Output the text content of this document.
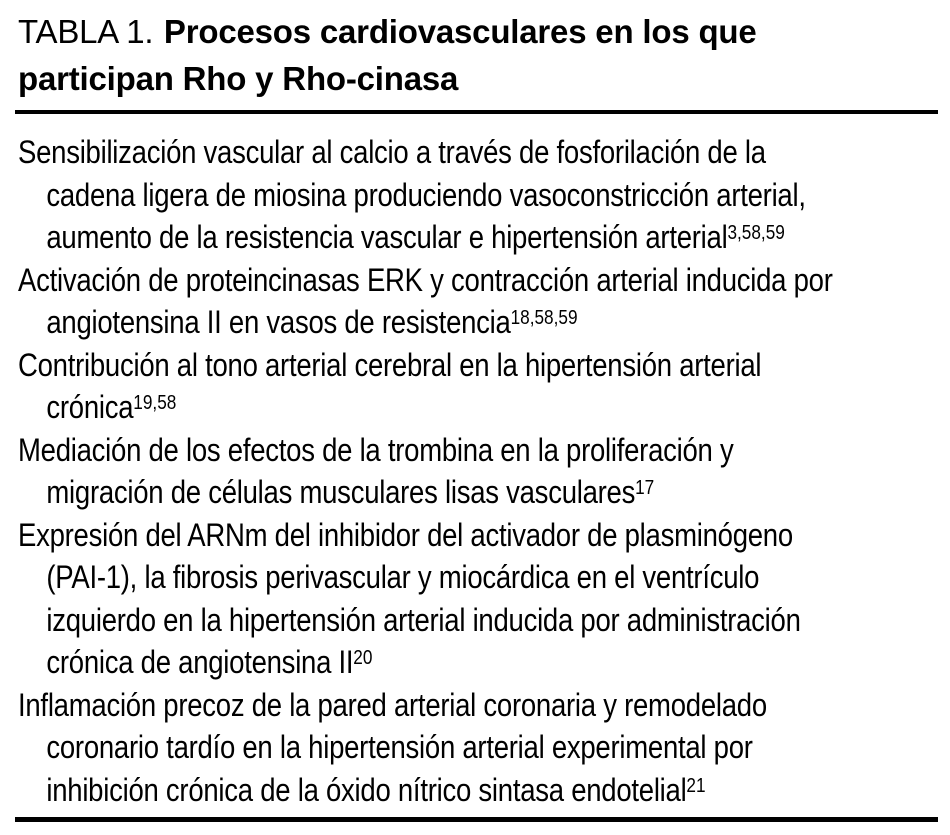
TABLA 1. Procesos cardiovasculares en los que
participan Rho y Rho-cinasa
Sensibilización vascular al calcio a través de fosforilación de la
cadena ligera de miosina produciendo vasoconstricción arterial,
aumento de la resistencia vascular e hipertensión arterial$^{3,58,59}$
Activación de proteincinasas ERK y contracción arterial inducida por
angiotensina II en vasos de resistencia$^{18,58,59}$
Contribución al tono arterial cerebral en la hipertensión arterial
crónica$^{19,58}$
Mediación de los efectos de la trombina en la proliferación y
migración de células musculares lisas vasculares$^{17}$
Expresión del ARNm del inhibidor del activador de plasminógeno
(PAI-1), la fibrosis perivascular y miocárdica en el ventrículo
izquierdo en la hipertensión arterial inducida por administración
crónica de angiotensina II$^{20}$
Inflamación precoz de la pared arterial coronaria y remodelado
coronario tardío en la hipertensión arterial experimental por
inhibición crónica de la óxido nítrico sintasa endotelial$^{21}$
